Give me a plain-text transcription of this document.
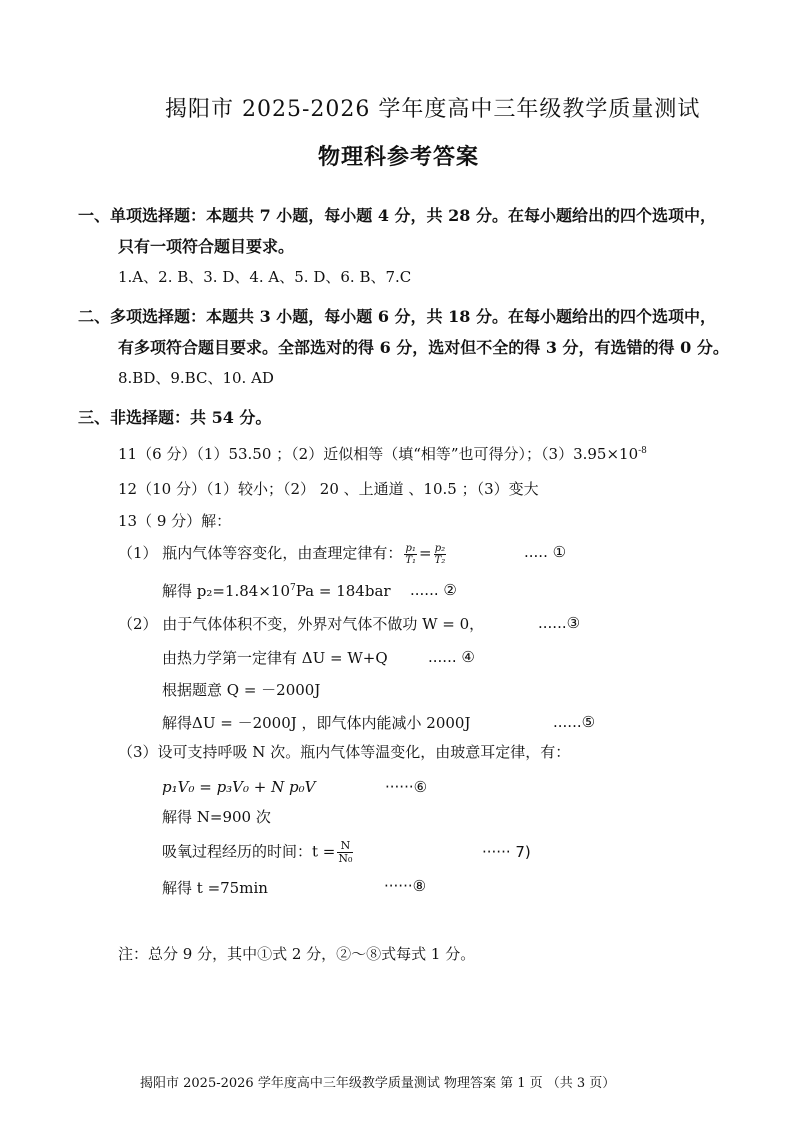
揭阳市 2025-2026 学年度高中三年级教学质量测试
物理科参考答案
一、单项选择题：本题共 7 小题，每小题 4 分，共 28 分。在每小题给出的四个选项中，
只有一项符合题目要求。
1.A、2. B、3. D、4. A、5. D、6. B、7.C
二、多项选择题：本题共 3 小题，每小题 6 分，共 18 分。在每小题给出的四个选项中，
有多项符合题目要求。全部选对的得 6 分，选对但不全的得 3 分，有选错的得 0 分。
8.BD、9.BC、10. AD
三、非选择题：共 54 分。
11（6 分）（1）53.50 ；（2）近似相等（填“相等”也可得分）；$(3)3.95\times 10^{-8}$
12（10 分）（1）较小；（2） 20 、上通道 、10.5 ；（3）变大
13（ 9 分）解：
（1） 瓶内气体等容变化，由查理定律有： $\frac{\text{p₁}}{\text{T₁}} = \frac{\text{p₂}}{\text{T₂}}$	..... ①
解得 $p_2=1.84\times 10^7Pa = 184bar$ ...... ②
（2） 由于气体体积不变，外界对气体不做功 W = 0，	......③
由热力学第一定律有 ΔU = W+Q	...... ④
根据题意 Q = －2000J
解得ΔU = －2000J ，即气体内能减小 2000J	......⑤
（3）设可支持呼吸 N 次。瓶内气体等温变化，由玻意耳定律，有：
p₁V₀ = p₃V₀ + N p₀V	······⑥
解得 N=900 次
吸氧过程经历的时间：$t = \frac{N}{\text{N₀}}$	······ 7)
解得 t =75min	······⑧
注：总分 9 分，其中①式 2 分，②～⑧式每式 1 分。
揭阳市 2025-2026 学年度高中三年级教学质量测试 物理答案 第 1 页 （共 3 页）
